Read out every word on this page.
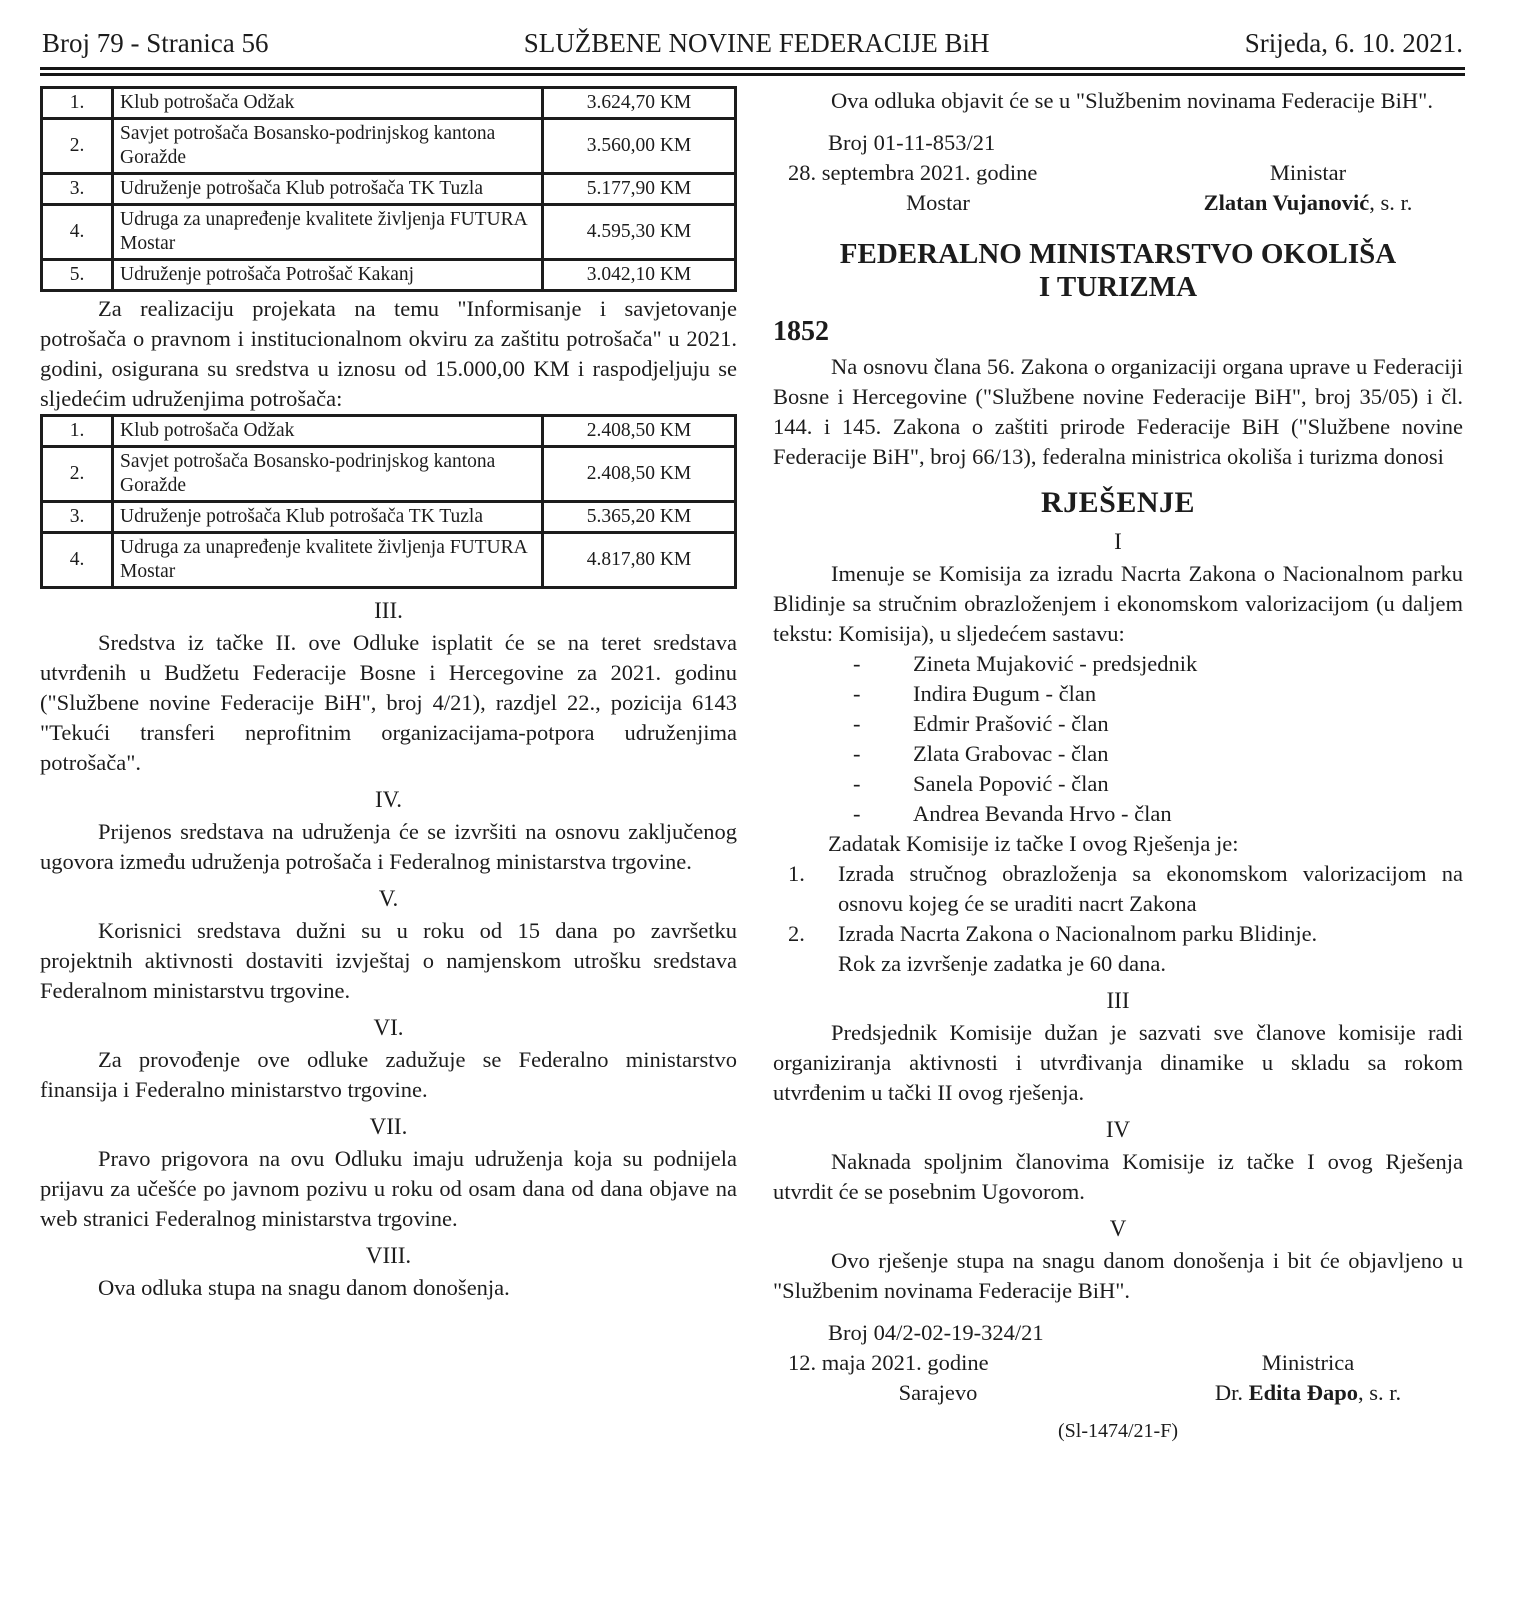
Broj 79 - Stranica 56	SLUŽBENE NOVINE FEDERACIJE BiH	Srijeda, 6. 10. 2021.
1.	Klub potrošača Odžak	3.624,70 KM
2.	Savjet potrošača Bosansko-podrinjskog kantona Goražde	3.560,00 KM
3.	Udruženje potrošača Klub potrošača TK Tuzla	5.177,90 KM
4.	Udruga za unapređenje kvalitete življenja FUTURA Mostar	4.595,30 KM
5.	Udruženje potrošača Potrošač Kakanj	3.042,10 KM

Za realizaciju projekata na temu "Informisanje i savjetovanje potrošača o pravnom i institucionalnom okviru za zaštitu potrošača" u 2021. godini, osigurana su sredstva u iznosu od 15.000,00 KM i raspodjeljuju se sljedećim udruženjima potrošača:

1.	Klub potrošača Odžak	2.408,50 KM
2.	Savjet potrošača Bosansko-podrinjskog kantona Goražde	2.408,50 KM
3.	Udruženje potrošača Klub potrošača TK Tuzla	5.365,20 KM
4.	Udruga za unapređenje kvalitete življenja FUTURA Mostar	4.817,80 KM
III.

Sredstva iz tačke II. ove Odluke isplatit će se na teret sredstava utvrđenih u Budžetu Federacije Bosne i Hercegovine za 2021. godinu ("Službene novine Federacije BiH", broj 4/21), razdjel 22., pozicija 6143 "Tekući transferi neprofitnim organizacijama-potpora udruženjima potrošača".

IV.

Prijenos sredstava na udruženja će se izvršiti na osnovu zaključenog ugovora između udruženja potrošača i Federalnog ministarstva trgovine.

V.

Korisnici sredstava dužni su u roku od 15 dana po završetku projektnih aktivnosti dostaviti izvještaj o namjenskom utrošku sredstava Federalnom ministarstvu trgovine.

VI.

Za provođenje ove odluke zadužuje se Federalno ministarstvo finansija i Federalno ministarstvo trgovine.

VII.

Pravo prigovora na ovu Odluku imaju udruženja koja su podnijela prijavu za učešće po javnom pozivu u roku od osam dana od dana objave na web stranici Federalnog ministarstva trgovine.

VIII.

Ova odluka stupa na snagu danom donošenja.

Ova odluka objavit će se u "Službenim novinama Federacije BiH".

Broj 01-11-853/21
28. septembra 2021. godine
Mostar
Ministar
Zlatan Vujanović, s. r.
FEDERALNO MINISTARSTVO OKOLIŠA I TURIZMA
1852

Na osnovu člana 56. Zakona o organizaciji organa uprave u Federaciji Bosne i Hercegovine ("Službene novine Federacije BiH", broj 35/05) i čl. 144. i 145. Zakona o zaštiti prirode Federacije BiH ("Službene novine Federacije BiH", broj 66/13), federalna ministrica okoliša i turizma donosi

RJEŠENJE
I

Imenuje se Komisija za izradu Nacrta Zakona o Nacionalnom parku Blidinje sa stručnim obrazloženjem i ekonomskom valorizacijom (u daljem tekstu: Komisija), u sljedećem sastavu:

-	Zineta Mujaković - predsjednik
-	Indira Đugum - član
-	Edmir Prašović - član
-	Zlata Grabovac - član
-	Sanela Popović - član
-	Andrea Bevanda Hrvo - član

Zadatak Komisije iz tačke I ovog Rješenja je:

1.	Izrada stručnog obrazloženja sa ekonomskom valorizacijom na osnovu kojeg će se uraditi nacrt Zakona
2.	Izrada Nacrta Zakona o Nacionalnom parku Blidinje.
Rok za izvršenje zadatka je 60 dana.
III

Predsjednik Komisije dužan je sazvati sve članove komisije radi organiziranja aktivnosti i utvrđivanja dinamike u skladu sa rokom utvrđenim u tački II ovog rješenja.

IV

Naknada spoljnim članovima Komisije iz tačke I ovog Rješenja utvrdit će se posebnim Ugovorom.

V

Ovo rješenje stupa na snagu danom donošenja i bit će objavljeno u "Službenim novinama Federacije BiH".

Broj 04/2-02-19-324/21
12. maja 2021. godine
Sarajevo
Ministrica
Dr. Edita Đapo, s. r.
(Sl-1474/21-F)
